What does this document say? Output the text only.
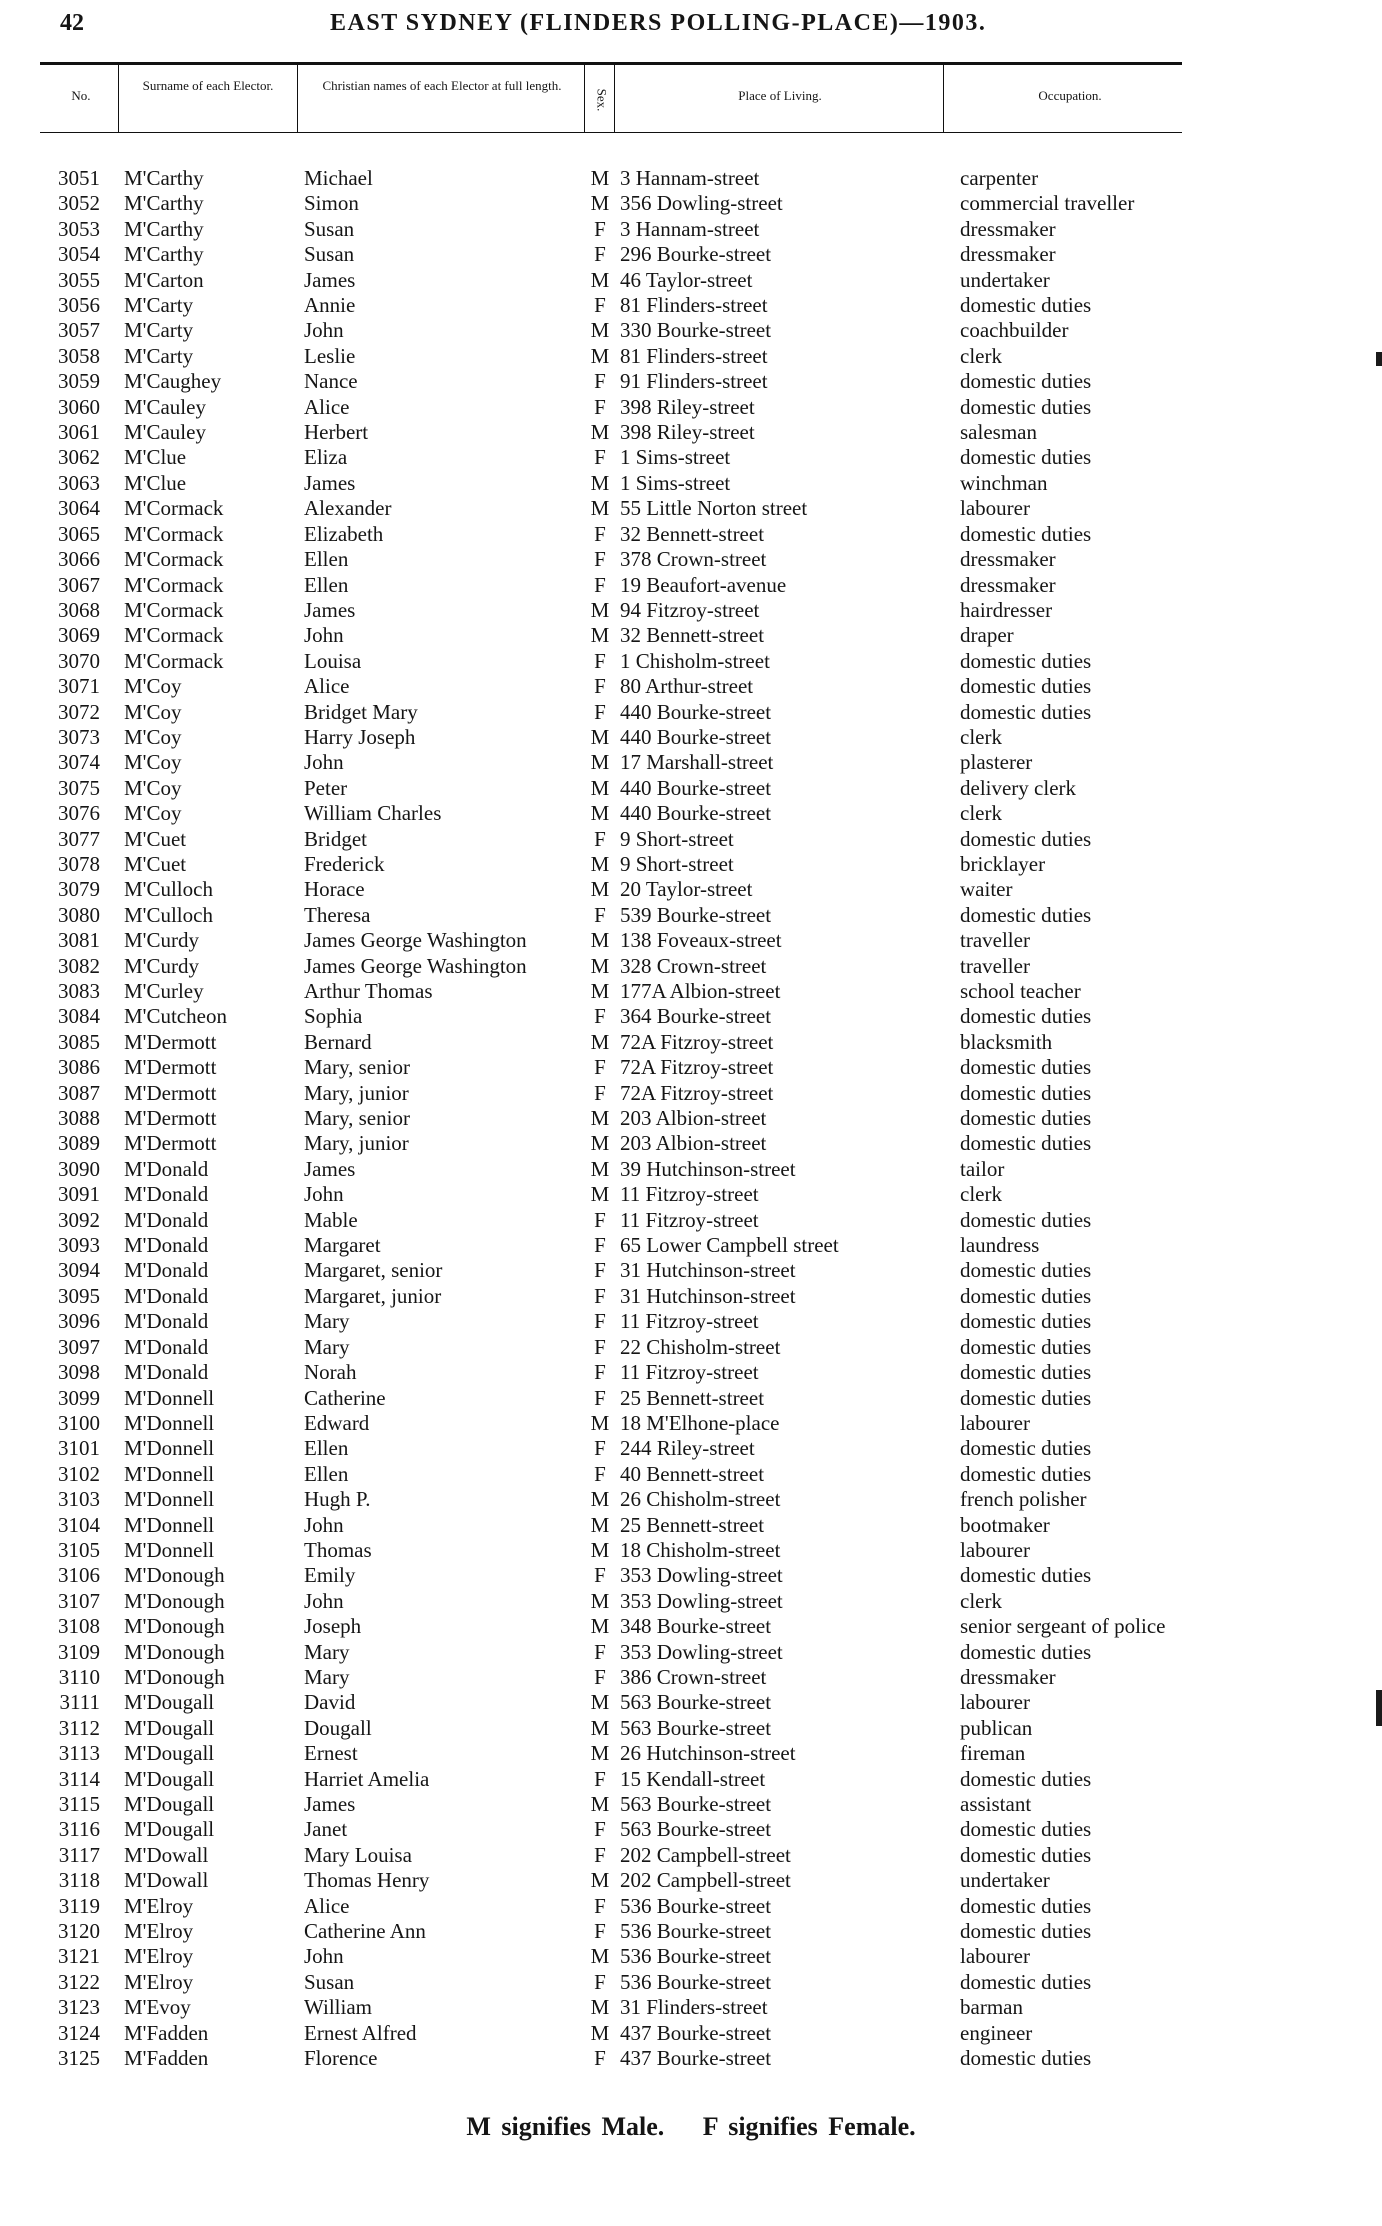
42	EAST SYDNEY (FLINDERS POLLING-PLACE)—1903.
No.
Surname of each Elector.	Christian names of each Elector at full length.
Sex.	Place of Living.	Occupation.
3051 M'Carthy	Michael	M 3 Hannam-street	carpenter
3052 M'Carthy	Simon	M 356 Dowling-street	commercial traveller
3053 M'Carthy	Susan	F 3 Hannam-street	dressmaker
3054 M'Carthy	Susan	F 296 Bourke-street	dressmaker
3055 M'Carton	James	M 46 Taylor-street	undertaker
3056 M'Carty	Annie	F 81 Flinders-street	domestic duties
3057 M'Carty	John	M 330 Bourke-street	coachbuilder
3058 M'Carty	Leslie	M 81 Flinders-street	clerk
3059 M'Caughey	Nance	F 91 Flinders-street	domestic duties
3060 M'Cauley	Alice	F 398 Riley-street	domestic duties
3061 M'Cauley	Herbert	M 398 Riley-street	salesman
3062 M'Clue	Eliza	F 1 Sims-street	domestic duties
3063 M'Clue	James	M 1 Sims-street	winchman
3064 M'Cormack	Alexander	M 55 Little Norton street	labourer
3065 M'Cormack	Elizabeth	F 32 Bennett-street	domestic duties
3066 M'Cormack	Ellen	F 378 Crown-street	dressmaker
3067 M'Cormack	Ellen	F 19 Beaufort-avenue	dressmaker
3068 M'Cormack	James	M 94 Fitzroy-street	hairdresser
3069 M'Cormack	John	M 32 Bennett-street	draper
3070 M'Cormack	Louisa	F 1 Chisholm-street	domestic duties
3071 M'Coy	Alice	F 80 Arthur-street	domestic duties
3072 M'Coy	Bridget Mary	F 440 Bourke-street	domestic duties
3073 M'Coy	Harry Joseph	M 440 Bourke-street	clerk
3074 M'Coy	John	M 17 Marshall-street	plasterer
3075 M'Coy	Peter	M 440 Bourke-street	delivery clerk
3076 M'Coy	William Charles	M 440 Bourke-street	clerk
3077 M'Cuet	Bridget	F 9 Short-street	domestic duties
3078 M'Cuet	Frederick	M 9 Short-street	bricklayer
3079 M'Culloch	Horace	M 20 Taylor-street	waiter
3080 M'Culloch	Theresa	F 539 Bourke-street	domestic duties
3081 M'Curdy	James George Washington	M 138 Foveaux-street	traveller
3082 M'Curdy	James George Washington	M 328 Crown-street	traveller
3083 M'Curley	Arthur Thomas	M 177A Albion-street	school teacher
3084 M'Cutcheon	Sophia	F 364 Bourke-street	domestic duties
3085 M'Dermott	Bernard	M 72A Fitzroy-street	blacksmith
3086 M'Dermott	Mary, senior	F 72A Fitzroy-street	domestic duties
3087 M'Dermott	Mary, junior	F 72A Fitzroy-street	domestic duties
3088 M'Dermott	Mary, senior	M 203 Albion-street	domestic duties
3089 M'Dermott	Mary, junior	M 203 Albion-street	domestic duties
3090 M'Donald	James	M 39 Hutchinson-street	tailor
3091 M'Donald	John	M 11 Fitzroy-street	clerk
3092 M'Donald	Mable	F 11 Fitzroy-street	domestic duties
3093 M'Donald	Margaret	F 65 Lower Campbell street	laundress
3094 M'Donald	Margaret, senior	F 31 Hutchinson-street	domestic duties
3095 M'Donald	Margaret, junior	F 31 Hutchinson-street	domestic duties
3096 M'Donald	Mary	F 11 Fitzroy-street	domestic duties
3097 M'Donald	Mary	F 22 Chisholm-street	domestic duties
3098 M'Donald	Norah	F 11 Fitzroy-street	domestic duties
3099 M'Donnell	Catherine	F 25 Bennett-street	domestic duties
3100 M'Donnell	Edward	M 18 M'Elhone-place	labourer
3101 M'Donnell	Ellen	F 244 Riley-street	domestic duties
3102 M'Donnell	Ellen	F 40 Bennett-street	domestic duties
3103 M'Donnell	Hugh P.	M 26 Chisholm-street	french polisher
3104 M'Donnell	John	M 25 Bennett-street	bootmaker
3105 M'Donnell	Thomas	M 18 Chisholm-street	labourer
3106 M'Donough	Emily	F 353 Dowling-street	domestic duties
3107 M'Donough	John	M 353 Dowling-street	clerk
3108 M'Donough	Joseph	M 348 Bourke-street	senior sergeant of police
3109 M'Donough	Mary	F 353 Dowling-street	domestic duties
3110 M'Donough	Mary	F 386 Crown-street	dressmaker
3111 M'Dougall	David	M 563 Bourke-street	labourer
3112 M'Dougall	Dougall	M 563 Bourke-street	publican
3113 M'Dougall	Ernest	M 26 Hutchinson-street	fireman
3114 M'Dougall	Harriet Amelia	F 15 Kendall-street	domestic duties
3115 M'Dougall	James	M 563 Bourke-street	assistant
3116 M'Dougall	Janet	F 563 Bourke-street	domestic duties
3117 M'Dowall	Mary Louisa	F 202 Campbell-street	domestic duties
3118 M'Dowall	Thomas Henry	M 202 Campbell-street	undertaker
3119 M'Elroy	Alice	F 536 Bourke-street	domestic duties
3120 M'Elroy	Catherine Ann	F 536 Bourke-street	domestic duties
3121 M'Elroy	John	M 536 Bourke-street	labourer
3122 M'Elroy	Susan	F 536 Bourke-street	domestic duties
3123 M'Evoy	William	M 31 Flinders-street	barman
3124 M'Fadden	Ernest Alfred	M 437 Bourke-street	engineer
3125 M'Fadden	Florence	F 437 Bourke-street	domestic duties
M signifies Male. F signifies Female.
